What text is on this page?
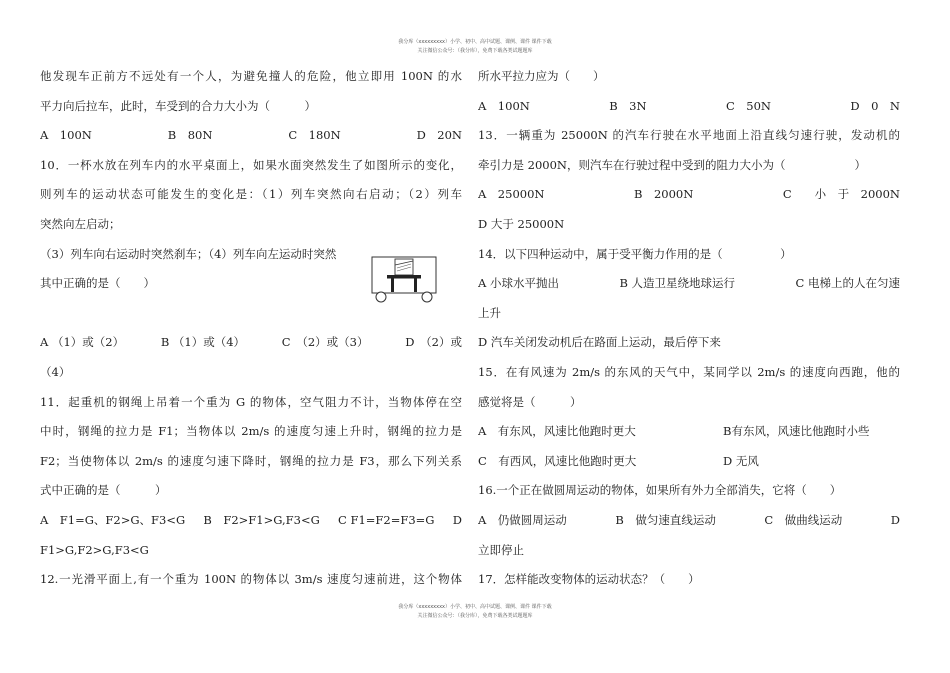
我分库（xxxxxxxxx）小学、初中、高中试题、课例、课件 课件下载
关注微信公众号：（我分库），免费下载各类试题题库
他发现车正前方不远处有一个人，为避免撞人的危险，他立即用 100N 的水
平力向后拉车，此时，车受到的合力大小为（　　　）
A　100N	B　80N	C　180N	D　20N
10．一杯水放在列车内的水平桌面上，如果水面突然发生了如图所示的变化，
则列车的运动状态可能发生的变化是：（1）列车突然向右启动；（2）列车
突然向左启动；
（3）列车向右运动时突然刹车；（4）列车向左运动时突然
其中正确的是（　　）
A （1）或（2）	B （1）或（4）	C　（2）或（3）	D　（2）或
（4）
11．起重机的钢绳上吊着一个重为 G 的物体，空气阻力不计，当物体停在空
中时，钢绳的拉力是 F1；当物体以 2m/s 的速度匀速上升时，钢绳的拉力是
F2；当使物体以 2m/s 的速度匀速下降时，钢绳的拉力是 F3，那么下列关系
式中正确的是（　　　）
A　F1=G、F2>G、F3<G B　F2>F1>G,F3<G C F1=F2=F3=G D
F1>G,F2>G,F3<G
12.一光滑平面上,有一个重为 100N 的物体以 3m/s 速度匀速前进，这个物体
所水平拉力应为（　　）
A　100N	B　3N	C　50N	D　0　N
13．一辆重为 25000N 的汽车行驶在水平地面上沿直线匀速行驶，发动机的
牵引力是 2000N，则汽车在行驶过程中受到的阻力大小为（　　　　　　）
A　25000N	B　2000N	C　　小　于　2000N
D 大于 25000N
14．以下四种运动中，属于受平衡力作用的是（　　　　　）
A 小球水平抛出	B 人造卫星绕地球运行	C 电梯上的人在匀速
上升
D 汽车关闭发动机后在路面上运动，最后停下来
15．在有风速为 2m/s 的东风的天气中，某同学以 2m/s 的速度向西跑，他的
感觉将是（　　　）
A　有东风，风速比他跑时更大	B有东风，风速比他跑时小些
C　有西风，风速比他跑时更大	D 无风
16.一个正在做圆周运动的物体，如果所有外力全部消失，它将（　　）
A　仍做圆周运动	B　做匀速直线运动	C　做曲线运动	D
立即停止
17．怎样能改变物体的运动状态？（　　）
我分库（xxxxxxxxx）小学、初中、高中试题、课例、课件 课件下载
关注微信公众号：（我分库），免费下载各类试题题库
